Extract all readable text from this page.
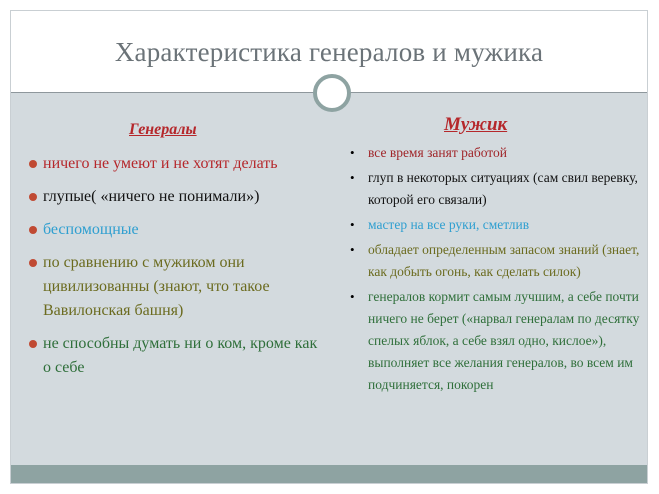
Характеристика генералов и мужика
Генералы
ничего не умеют и не хотят делать
глупые( «ничего не понимали»)
беспомощные
по сравнению с мужиком они цивилизованны (знают, что такое Вавилонская башня)
не способны думать ни о ком, кроме как о себе
Мужик
• все время занят работой
• глуп в некоторых ситуациях (сам свил веревку, которой его связали)
• мастер на все руки, сметлив
• обладает определенным запасом знаний (знает, как добыть огонь, как сделать силок)
• генералов кормит самым лучшим, а себе почти ничего не берет («нарвал генералам по десятку спелых яблок, а себе взял одно, кислое»), выполняет все желания генералов, во всем им подчиняется, покорен
